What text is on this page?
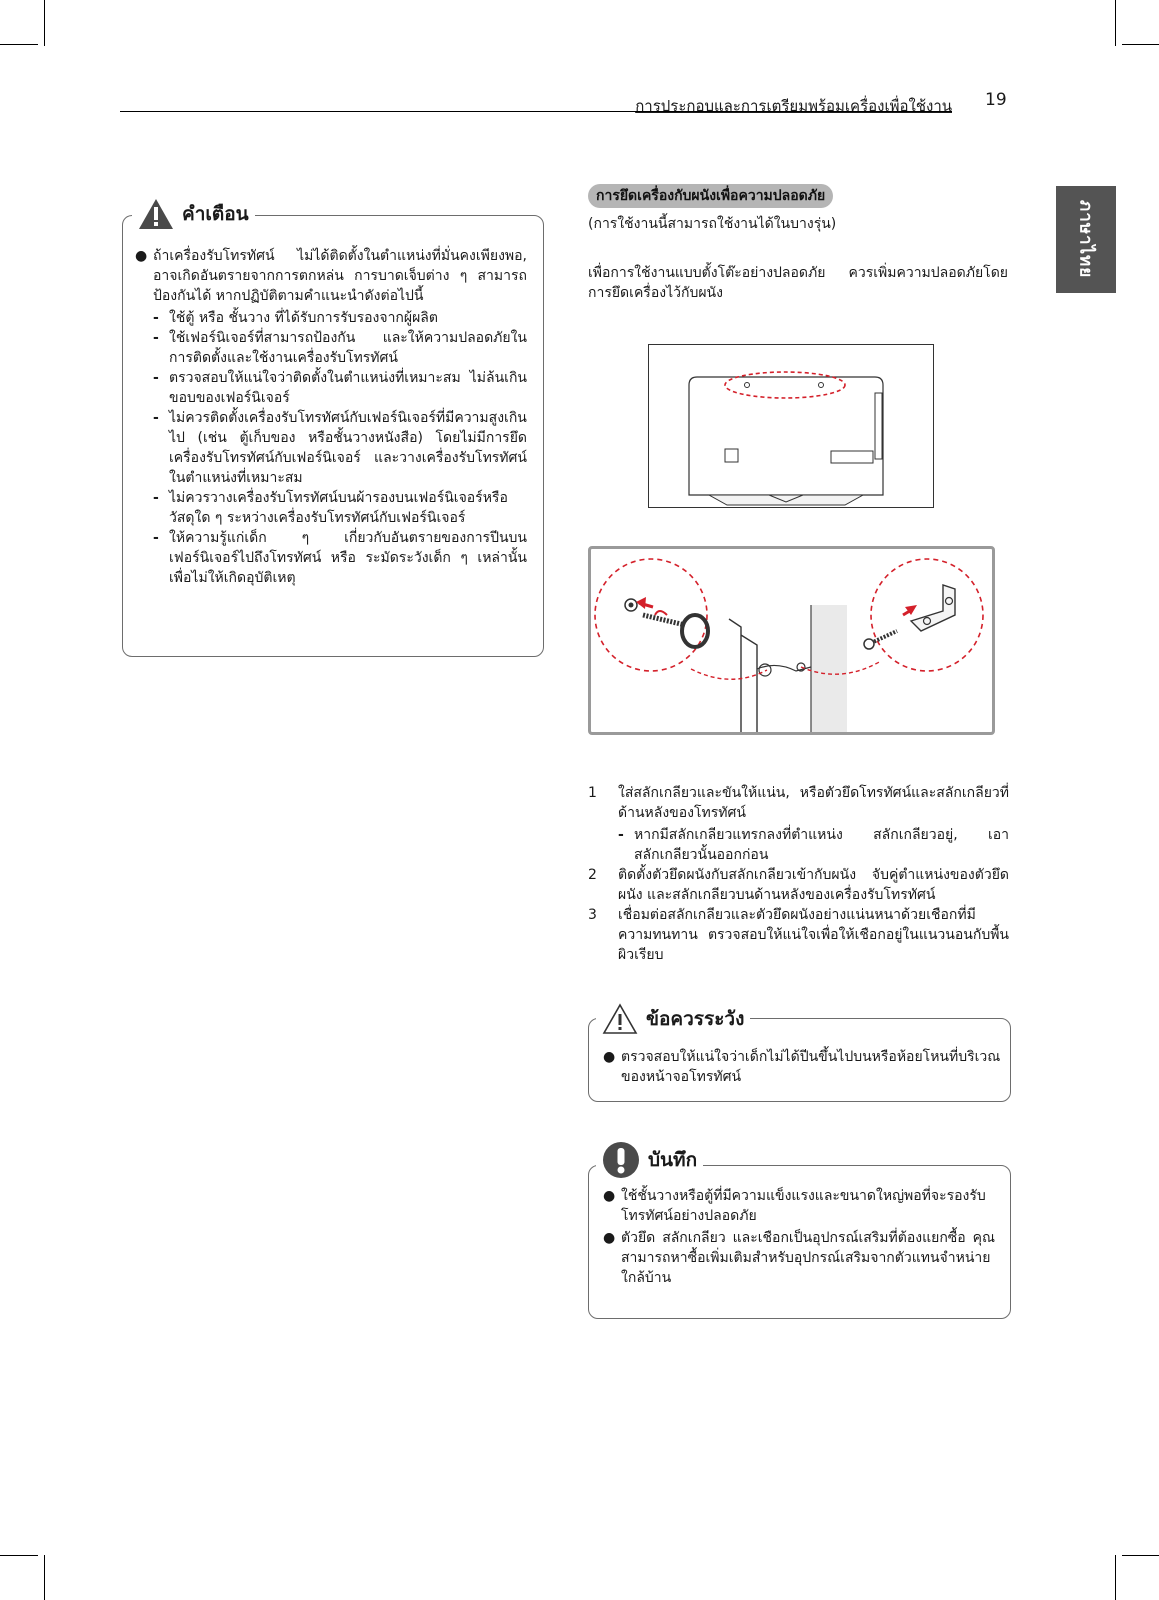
การประกอบและการเตรียมพร้อมเครื่องเพื่อใช้งาน 19
ภาษาไทย
● ถ้าเครื่องรับโทรทัศน์ ไม่ได้ติดตั้งในตำแหน่งที่มั่นคงเพียงพอ, อาจเกิดอันตรายจากการตกหล่น การบาดเจ็บต่าง ๆ สามารถป้องกันได้ หากปฏิบัติตามคำแนะนำดังต่อไปนี้
- ใช้ตู้ หรือ ชั้นวาง ที่ได้รับการรับรองจากผู้ผลิต
- ใช้เฟอร์นิเจอร์ที่สามารถป้องกัน และให้ความปลอดภัยในการติดตั้งและใช้งานเครื่องรับโทรทัศน์
- ตรวจสอบให้แน่ใจว่าติดตั้งในตำแหน่งที่เหมาะสม ไม่ล้นเกินขอบของเฟอร์นิเจอร์
- ไม่ควรติดตั้งเครื่องรับโทรทัศน์กับเฟอร์นิเจอร์ที่มีความสูงเกินไป (เช่น ตู้เก็บของ หรือชั้นวางหนังสือ) โดยไม่มีการยึดเครื่องรับโทรทัศน์กับเฟอร์นิเจอร์ และวางเครื่องรับโทรทัศน์ในตำแหน่งที่เหมาะสม
- ไม่ควรวางเครื่องรับโทรทัศน์บนผ้ารองบนเฟอร์นิเจอร์หรือวัสดุใด ๆ ระหว่างเครื่องรับโทรทัศน์กับเฟอร์นิเจอร์
- ให้ความรู้แก่เด็ก ๆ เกี่ยวกับอันตรายของการปีนบนเฟอร์นิเจอร์ไปถึงโทรทัศน์ หรือ ระมัดระวังเด็ก ๆ เหล่านั้นเพื่อไม่ให้เกิดอุบัติเหตุ
คำเตือน
การยึดเครื่องกับผนังเพื่อความปลอดภัย
(การใช้งานนี้สามารถใช้งานได้ในบางรุ่น)
เพื่อการใช้งานแบบตั้งโต๊ะอย่างปลอดภัย ควรเพิ่มความปลอดภัยโดยการยึดเครื่องไว้กับผนัง
1 ใส่สลักเกลียวและขันให้แน่น, หรือตัวยึดโทรทัศน์และสลักเกลียวที่ด้านหลังของโทรทัศน์
- หากมีสลักเกลียวแทรกลงที่ตำแหน่ง สลักเกลียวอยู่, เอาสลักเกลียวนั้นออกก่อน
2 ติดตั้งตัวยึดผนังกับสลักเกลียวเข้ากับผนัง จับคู่ตำแหน่งของตัวยึดผนัง และสลักเกลียวบนด้านหลังของเครื่องรับโทรทัศน์
3 เชื่อมต่อสลักเกลียวและตัวยึดผนังอย่างแน่นหนาด้วยเชือกที่มีความทนทาน ตรวจสอบให้แน่ใจเพื่อให้เชือกอยู่ในแนวนอนกับพื้นผิวเรียบ
● ตรวจสอบให้แน่ใจว่าเด็กไม่ได้ปีนขึ้นไปบนหรือห้อยโหนที่บริเวณของหน้าจอโทรทัศน์
ข้อควรระวัง
● ใช้ชั้นวางหรือตู้ที่มีความแข็งแรงและขนาดใหญ่พอที่จะรองรับโทรทัศน์อย่างปลอดภัย
● ตัวยึด สลักเกลียว และเชือกเป็นอุปกรณ์เสริมที่ต้องแยกซื้อ คุณสามารถหาซื้อเพิ่มเติมสำหรับอุปกรณ์เสริมจากตัวแทนจำหน่ายใกล้บ้าน
บันทึก
